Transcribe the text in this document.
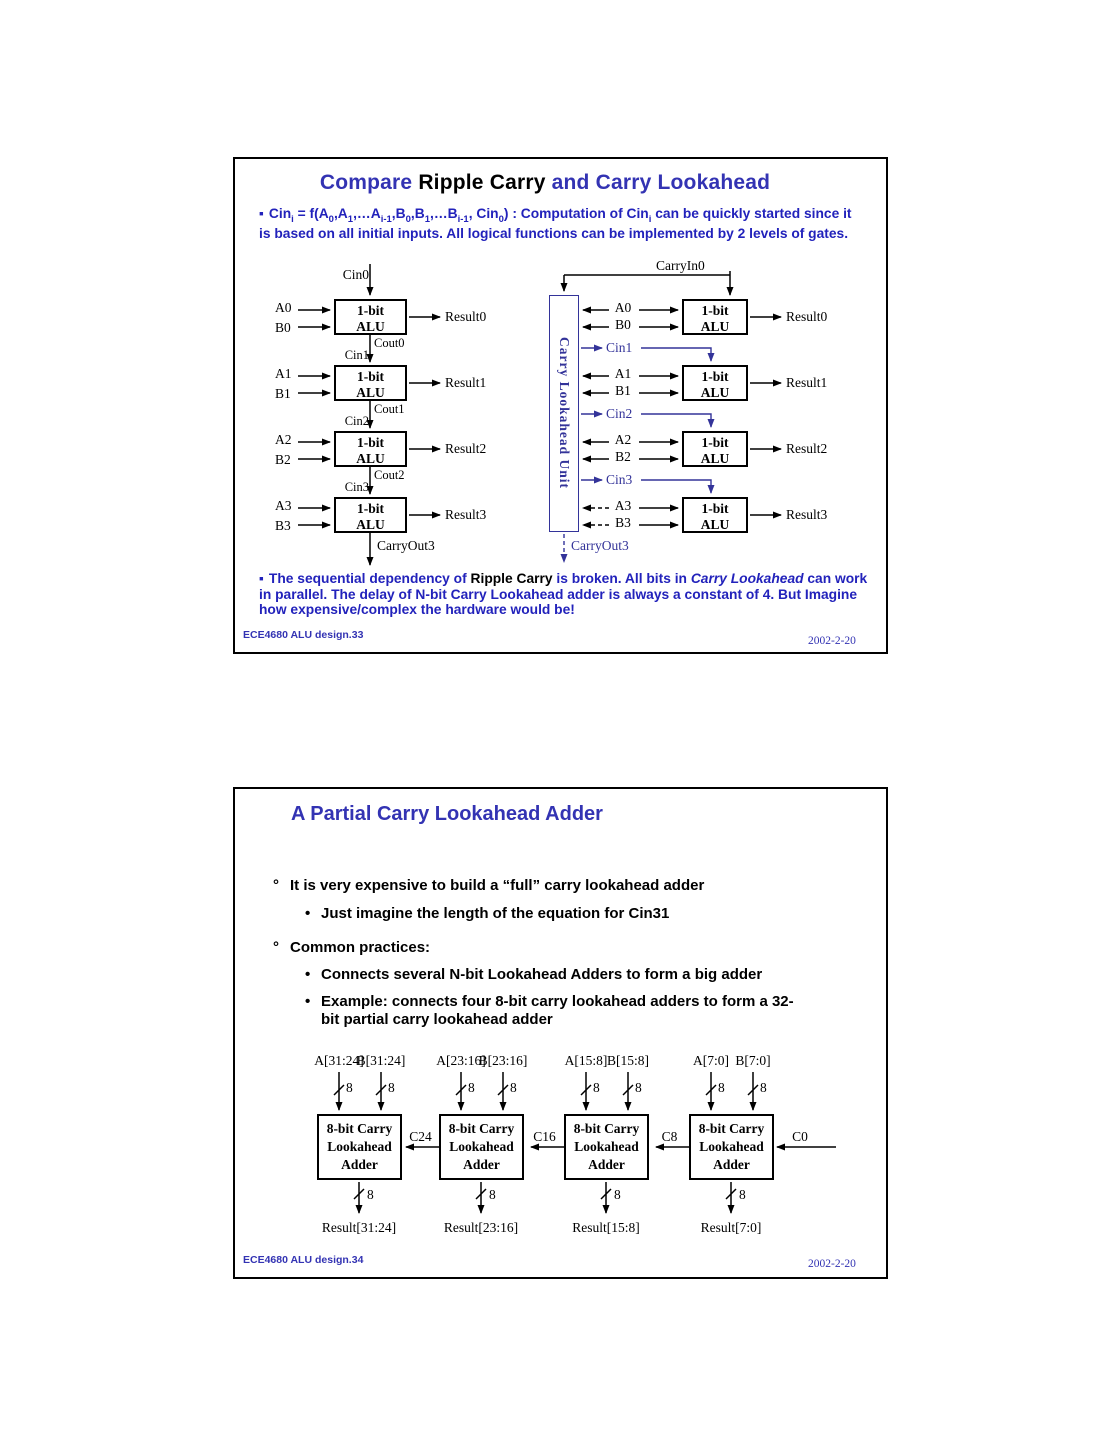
Compare Ripple Carry and Carry Lookahead
▪ $Cin_i = f(A_0,A_1,\dots A_{i-1},B_0,B_1,\dots B_{i-1}$, Cin$_0$) : Computation of Cin$_i$ can be quickly started since it is based on all initial inputs. All logical functions can be implemented by 2 levels of gates.
Cin0
A0
B0
1-bit
ALU
Result0
Cout0
Cin1
A1
B1
1-bit
ALU
Result1
Cout1
Cin2
A2
B2
1-bit
ALU
Result2
Cout2
Cin3
A3
B3
1-bit
ALU
Result3
CarryOut3
CarryIn0
Carry Lookahead Unit
A0
B0
1-bit
ALU
Result0
Cin1
A1
B1
1-bit
ALU
Result1
Cin2
A2
B2
1-bit
ALU
Result2
Cin3
A3
B3
1-bit
ALU
Result3
CarryOut3
▪ The sequential dependency of Ripple Carry is broken. All bits in Carry Lookahead can work in parallel. The delay of N-bit Carry Lookahead adder is always a constant of 4. But Imagine how expensive/complex the hardware would be!
ECE4680 ALU design.33	2002-2-20
A Partial Carry Lookahead Adder
° It is very expensive to build a “full” carry lookahead adder
• Just imagine the length of the equation for Cin31
° Common practices:
• Connects several N-bit Lookahead Adders to form a big adder
• Example: connects four 8-bit carry lookahead adders to form a 32-bit partial carry lookahead adder
A[31:24]
B[31:24]	A[23:16]
B[23:16]	A[15:8] B[15:8]	A[7:0] B[7:0]
8	8	8	8	8	8	8	8
8-bit Carry
Lookahead
Adder
8-bit Carry
Lookahead
Adder
8-bit Carry
Lookahead
Adder
8-bit Carry
Lookahead
Adder
C24	C16	C8	C0
8	8	8	8
Result[31:24]	Result[23:16]	Result[15:8]	Result[7:0]
ECE4680 ALU design.34	2002-2-20
